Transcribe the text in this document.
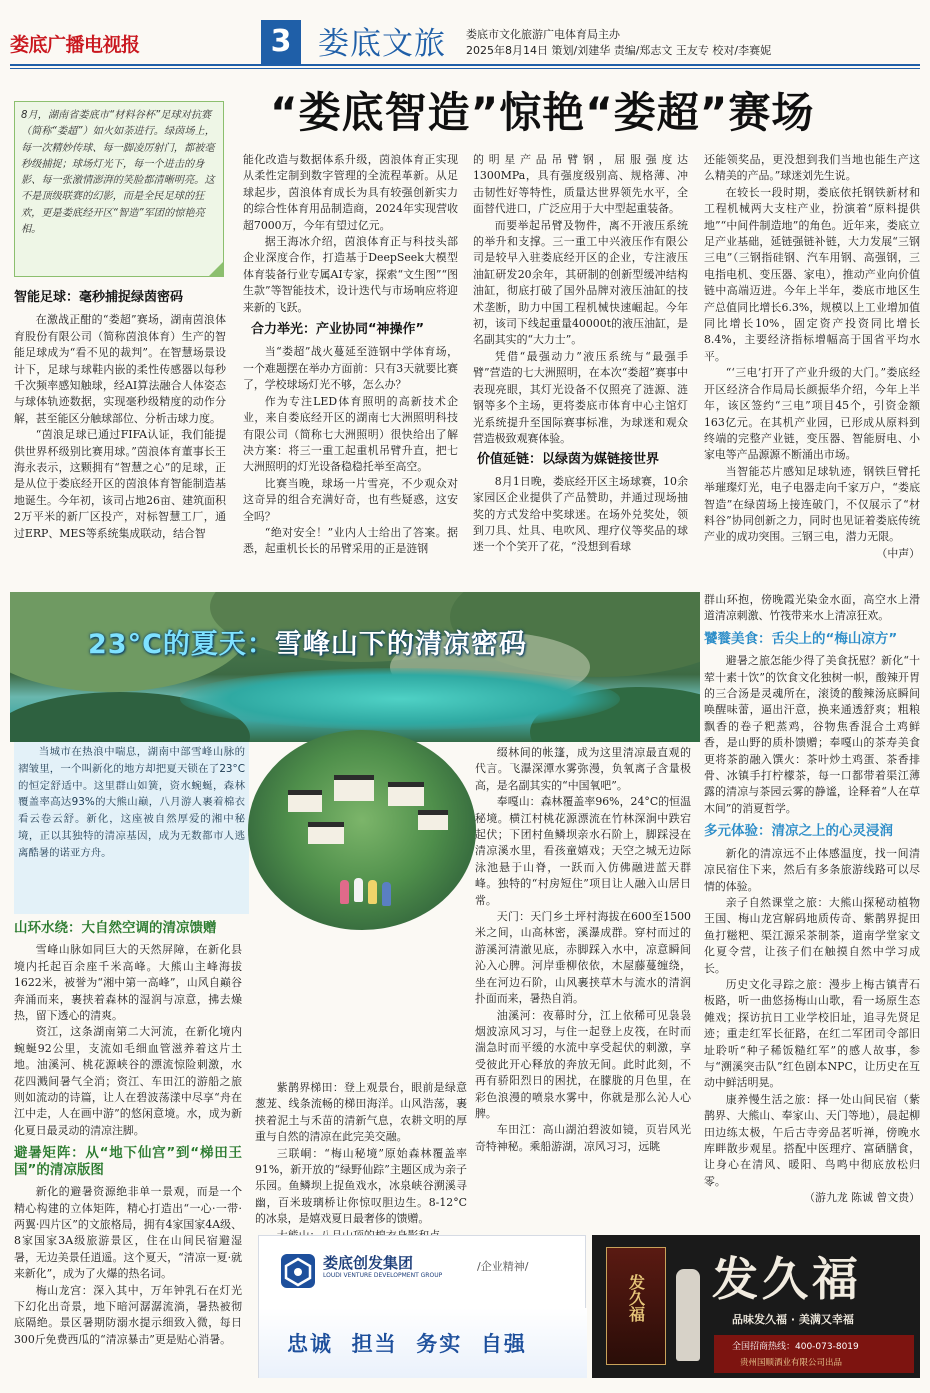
娄底广播电视报	3 娄底文旅 娄底市文化旅游广电体育局主办
2025年8月14日 策划/刘建华 责编/郑志文 王友专 校对/李赛妮
8月，湖南省娄底市“材料谷杯”足球对抗赛（简称“娄超”）如火如荼进行。绿茵场上，每一次精妙传球、每一脚凌厉射门，都被毫秒级捕捉；球场灯光下，每一个进击的身影、每一张激情澎湃的笑脸都清晰明亮。这不是顶级联赛的幻影，而是全民足球的狂欢，更是娄底经开区“智造”军团的惊艳亮相。
“娄底智造”惊艳“娄超”赛场
智能足球：毫秒捕捉绿茵密码

在激战正酣的“娄超”赛场，湖南茵浪体育股份有限公司（简称茵浪体育）生产的智能足球成为“看不见的裁判”。在智慧场景设计下，足球与球鞋内嵌的柔性传感器以每秒千次频率感知触球，经AI算法融合人体姿态与球体轨迹数据，实现毫秒级精度的动作分解，甚至能区分触球部位、分析击球力度。

“茵浪足球已通过FIFA认证，我们能提供世界杯级别比赛用球。”茵浪体育董事长王海永表示，这颗拥有“智慧之心”的足球，正是从位于娄底经开区的茵浪体育智能制造基地诞生。今年初，该司占地26亩、建筑面积2万平米的新厂区投产，对标智慧工厂，通过ERP、MES等系统集成联动，结合智

能化改造与数据体系升级，茵浪体育正实现从柔性定制到数字管理的全流程革新。从足球起步，茵浪体育成长为具有较强创新实力的综合性体育用品制造商，2024年实现营收超7000万，今年有望过亿元。

据王海冰介绍，茵浪体育正与科技头部企业深度合作，打造基于DeepSeek大模型体育装备行业专属AI专家，探索“文生图”“图生款”等智能技术，设计迭代与市场响应将迎来新的飞跃。

合力举光：产业协同“神操作”

当“娄超”战火蔓延至涟钢中学体育场，一个难题摆在举办方面前：只有3天就要比赛了，学校球场灯光不够，怎么办？

作为专注LED体育照明的高新技术企业，来自娄底经开区的湖南七大洲照明科技有限公司（简称七大洲照明）很快给出了解决方案：将三一重工起重机吊臂升直，把七大洲照明的灯光设备稳稳托举至高空。

比赛当晚，球场一片雪亮，不少观众对这奇异的组合充满好奇，也有些疑惑，这安全吗？

“绝对安全！”业内人士给出了答案。据悉，起重机长长的吊臂采用的正是涟钢

的明星产品吊臂钢，屈服强度达1300MPa，具有强度级别高、规格薄、冲击韧性好等特性，质量达世界领先水平，全面替代进口，广泛应用于大中型起重装备。

而要举起吊臂及物件，离不开液压系统的举升和支撑。三一重工中兴液压作有限公司是较早入驻娄底经开区的企业，专注液压油缸研发20余年，其研制的创新型缓冲结构油缸，彻底打破了国外品牌对液压油缸的技术垄断，助力中国工程机械快速崛起。今年初，该司下线起重量40000t的液压油缸，是名副其实的“大力士”。

凭借“最强动力”液压系统与“最强手臂”营造的七大洲照明，在本次“娄超”赛事中表现亮眼，其灯光设备不仅照亮了涟源、涟钢等多个主场，更将娄底市体育中心主馆灯光系统提升至国际赛事标准，为球迷和观众营造极致观赛体验。

价值延链：以绿茵为媒链接世界

8月1日晚，娄底经开区主场球赛，10余家园区企业提供了产品赞助，并通过现场抽奖的方式发给中奖球迷。在场外兑奖处，领到刀具、灶具、电吹风、理疗仪等奖品的球迷一个个笑开了花，“没想到看球

还能领奖品，更没想到我们当地也能生产这么精美的产品。”球迷刘先生说。

在较长一段时期，娄底依托钢铁新材和工程机械两大支柱产业，扮演着“原料提供地”“中间件制造地”的角色。近年来，娄底立足产业基础，延链强链补链，大力发展“三钢三电”（三钢指硅钢、汽车用钢、高强钢，三电指电机、变压器、家电），推动产业向价值链中高端迈进。今年上半年，娄底市地区生产总值同比增长6.3%，规模以上工业增加值同比增长10%，固定资产投资同比增长8.4%，主要经济指标增幅高于国省平均水平。

“‘三电’打开了产业升级的大门。”娄底经开区经济合作局局长颜振华介绍，今年上半年，该区签约“三电”项目45个，引资金额163亿元。在其机产业园，已形成从原料到终端的完整产业链，变压器、智能厨电、小家电等产品源源不断涌出市场。

当智能芯片感知足球轨迹，钢铁巨臂托举璀璨灯光，电子电器走向千家万户，“娄底智造”在绿茵场上接连破门，不仅展示了“材料谷”协同创新之力，同时也见证着娄底传统产业的成功突围。三钢三电，潜力无限。

（中声）
23°C的夏天：雪峰山下的清凉密码
当城市在热浪中喘息，湖南中部雪峰山脉的褶皱里，一个叫新化的地方却把夏天锁在了23°C的恒定舒适中。这里群山如簧，资水蜿蜒，森林覆盖率高达93%的大熊山巅，八月游人裹着棉衣看云卷云舒。新化，这座被自然厚爱的湘中秘境，正以其独特的清凉基因，成为无数都市人逃离酷暑的诺亚方舟。
山环水绕：大自然空调的清凉馈赠

雪峰山脉如同巨大的天然屏障，在新化县境内托起百余座千米高峰。大熊山主峰海拔1622米，被誉为“湘中第一高峰”，山风自巅谷奔涌而来，裹挟着森林的湿润与凉意，拂去燥热，留下透心的清爽。

资江，这条湖南第二大河流，在新化境内蜿蜒92公里，支流如毛细血管滋养着这片土地。油溪河、桃花源峡谷的漂流惊险刺激，水花四溅间暑气全消；资江、车田江的游船之旅则如流动的诗篇，让人在碧波荡漾中尽享“舟在江中走，人在画中游”的悠闲意境。水，成为新化夏日最灵动的清凉注脚。

避暑矩阵：从“地下仙宫”到“梯田王国”的清凉版图

新化的避暑资源绝非单一景观，而是一个精心构建的立体矩阵，精心打造出“一心·一带·两翼·四片区”的文旅格局，拥有4家国家4A级、8家国家3A级旅游景区，住在山间民宿避湿暑，无边美景任逍遥。这个夏天，“清凉一夏·就来新化”，成为了火爆的热名词。

梅山龙宫：深入其中，万年钟乳石在灯光下幻化出奇景，地下暗河潺潺流淌，暑热被彻底隔绝。景区暑期防溺水提示细致入微，每日300斤免费西瓜的“清凉暴击”更是贴心消暑。

紫鹊界梯田：登上观景台，眼前是绿意葱茏、线条流畅的梯田海洋。山风浩荡，裹挟着泥土与禾苗的清新气息，农耕文明的厚重与自然的清凉在此完美交融。

三联峒：“梅山秘境”原始森林覆盖率91%，新开放的“绿野仙踪”主题区成为亲子乐园。鱼鳞坝上捉鱼戏水，冰泉峡谷溯溪寻幽，百米玻璃桥让你惊叹胆边生。8-12°C的冰泉，是嬉戏夏日最奢侈的馈赠。

缀林间的帐篷，成为这里清凉最直观的代言。飞瀑深潭水雾弥漫，负氧离子含量极高，是名副其实的“中国氧吧”。

奉嘎山：森林覆盖率96%，24°C的恒温秘境。横江村桃花源漂流在竹林深涧中跌宕起伏；下团村鱼鳞坝亲水石阶上，脚踩浸在清凉溪水里，看孩童嬉戏；天空之城无边际泳池悬于山脊，一跃而入仿佛融进蓝天群峰。独特的“村房短住”项目让人融入山居日常。

天门：天门乡土坪村海拔在600至1500米之间，山高林密，溪瀑成群。穿村而过的游溪河清澈见底，赤脚踩入水中，凉意瞬间沁入心脾。河岸垂柳依依，木屋藤蔓缠绕，坐在河边石阶，山风裹挟草木与流水的清润扑面而来，暑热自消。

油溪河：夜幕时分，江上依稀可见袅袅烟波凉风习习，与住一起登上皮筏，在时而湍急时而平缓的水流中享受起伏的刺激，享受彼此开心释放的奔放无间。此时此刻，不再有骄阳烈日的困扰，在朦胧的月色里，在彩色浪漫的喷泉水雾中，你就是那么沁人心脾。

车田江：高山湖泊碧波如镜，页岩风光奇特神秘。乘船游湖，凉风习习，远眺

群山环抱，傍晚霞光染金水面，高空水上滑道清凉刺激、竹筏带来水上清凉狂欢。

饕餮美食：舌尖上的“梅山凉方”

避暑之旅怎能少得了美食抚慰？新化“十荤十素十饮”的饮食文化独树一帜，酸辣开胃的三合汤是灵魂所在，滚烫的酸辣汤底瞬间唤醒味蕾，逼出汗意，换来通透舒爽；粗粮飘香的卷子粑蒸鸡，谷物焦香混合土鸡鲜香，是山野的质朴馈赠；奉嘎山的茶寿美食更将茶韵融入馔火：茶叶炒土鸡蛋、茶香排骨、冰镇手打柠檬茶，每一口都带着渠江薄露的清凉与茶园云雾的静谧，诠释着“人在草木间”的消夏哲学。

多元体验：清凉之上的心灵浸润

新化的清凉远不止体感温度，找一间清凉民宿住下来，然后有多条旅游线路可以尽情的体验。

亲子自然课堂之旅：大熊山探秘动植物王国、梅山龙宫解码地质传奇、紫鹊界捉田鱼打糍粑、渠江源采茶制茶，道南学堂家文化夏令营，让孩子们在触摸自然中学习成长。

历史文化寻踪之旅：漫步上梅古镇青石板路，听一曲悠扬梅山山歌，看一场原生态傩戏；探访抗日工业学校旧址，追寻先贤足迹；重走红军长征路，在红二军团司令部旧址聆听“种子稀饭糙红军”的感人故事，参与“溯溪突击队”红色剧本NPC，让历史在互动中鲜活明晃。

康养慢生活之旅：择一处山间民宿（紫鹊界、大熊山、奉家山、天门等地），晨起柳田边练太极，午后古寺旁品茗听禅，傍晚水库畔散步观星。搭配中医理疗、富硒膳食，让身心在清风、暖阳、鸟鸣中彻底放松归零。

（游九龙 陈诚 曾文贵）
娄底创发集团
LOUDI VENTURE DEVELOPMENT GROUP
/企业精神/
忠诚  担当  务实  自强
发久福 发久福
品味发久福 · 美满又幸福
全国招商热线：400-073-8019
贵州国顺酒业有限公司出品
